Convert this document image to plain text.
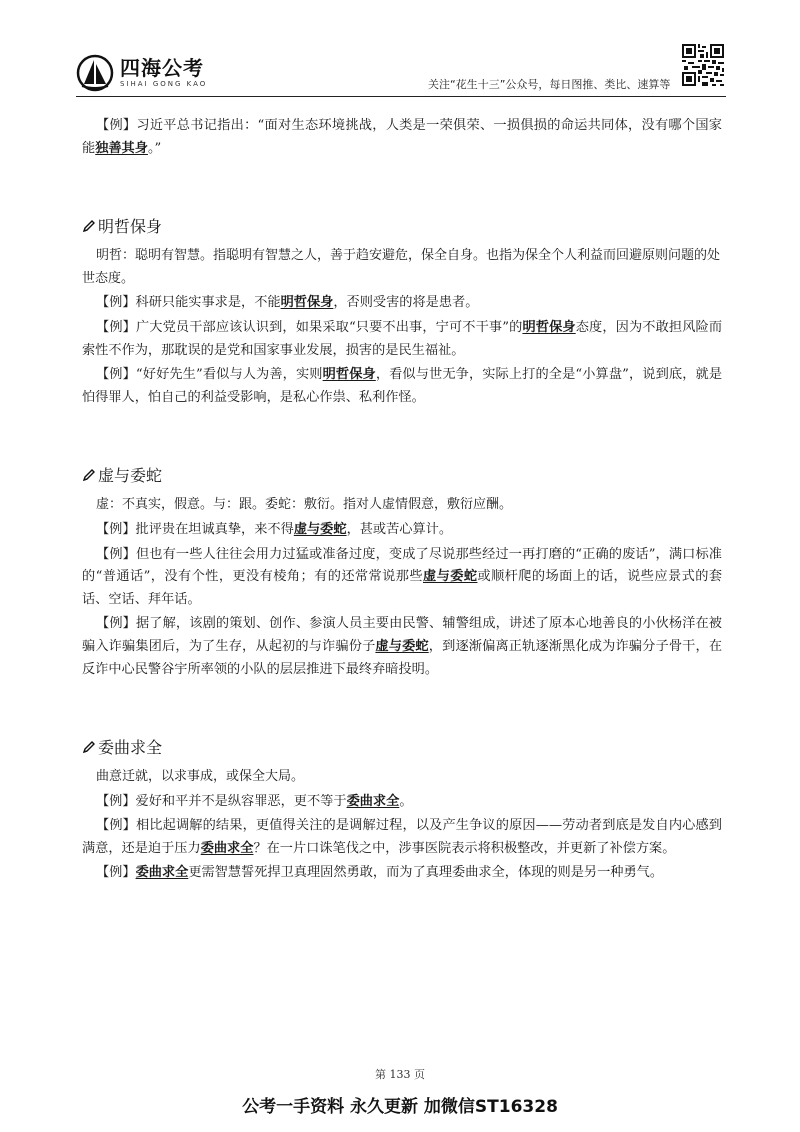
四海公考
SIHAI GONG KAO	关注“花生十三”公众号，每日图推、类比、速算等

【例】习近平总书记指出：“面对生态环境挑战，人类是一荣俱荣、一损俱损的命运共同体，没有哪个国家能独善其身。”

明哲保身

明哲：聪明有智慧。指聪明有智慧之人，善于趋安避危，保全自身。也指为保全个人利益而回避原则问题的处世态度。

【例】科研只能实事求是，不能明哲保身，否则受害的将是患者。

【例】广大党员干部应该认识到，如果采取“只要不出事，宁可不干事”的明哲保身态度，因为不敢担风险而索性不作为，那耽误的是党和国家事业发展，损害的是民生福祉。

【例】“好好先生”看似与人为善，实则明哲保身，看似与世无争，实际上打的全是“小算盘”，说到底，就是怕得罪人，怕自己的利益受影响，是私心作祟、私利作怪。

虚与委蛇

虚：不真实，假意。与：跟。委蛇：敷衍。指对人虚情假意，敷衍应酬。

【例】批评贵在坦诚真挚，来不得虚与委蛇，甚或苦心算计。

【例】但也有一些人往往会用力过猛或准备过度，变成了尽说那些经过一再打磨的“正确的废话”，满口标准的“普通话”，没有个性，更没有棱角；有的还常常说那些虚与委蛇或顺杆爬的场面上的话，说些应景式的套话、空话、拜年话。

【例】据了解，该剧的策划、创作、参演人员主要由民警、辅警组成，讲述了原本心地善良的小伙杨洋在被骗入诈骗集团后，为了生存，从起初的与诈骗份子虚与委蛇，到逐渐偏离正轨逐渐黑化成为诈骗分子骨干，在反诈中心民警谷宇所率领的小队的层层推进下最终弃暗投明。

委曲求全

曲意迁就，以求事成，或保全大局。

【例】爱好和平并不是纵容罪恶，更不等于委曲求全。

【例】相比起调解的结果，更值得关注的是调解过程，以及产生争议的原因——劳动者到底是发自内心感到满意，还是迫于压力委曲求全？在一片口诛笔伐之中，涉事医院表示将积极整改，并更新了补偿方案。

【例】委曲求全更需智慧誓死捍卫真理固然勇敢，而为了真理委曲求全，体现的则是另一种勇气。

第 133 页
公考一手资料 永久更新 加微信ST16328
